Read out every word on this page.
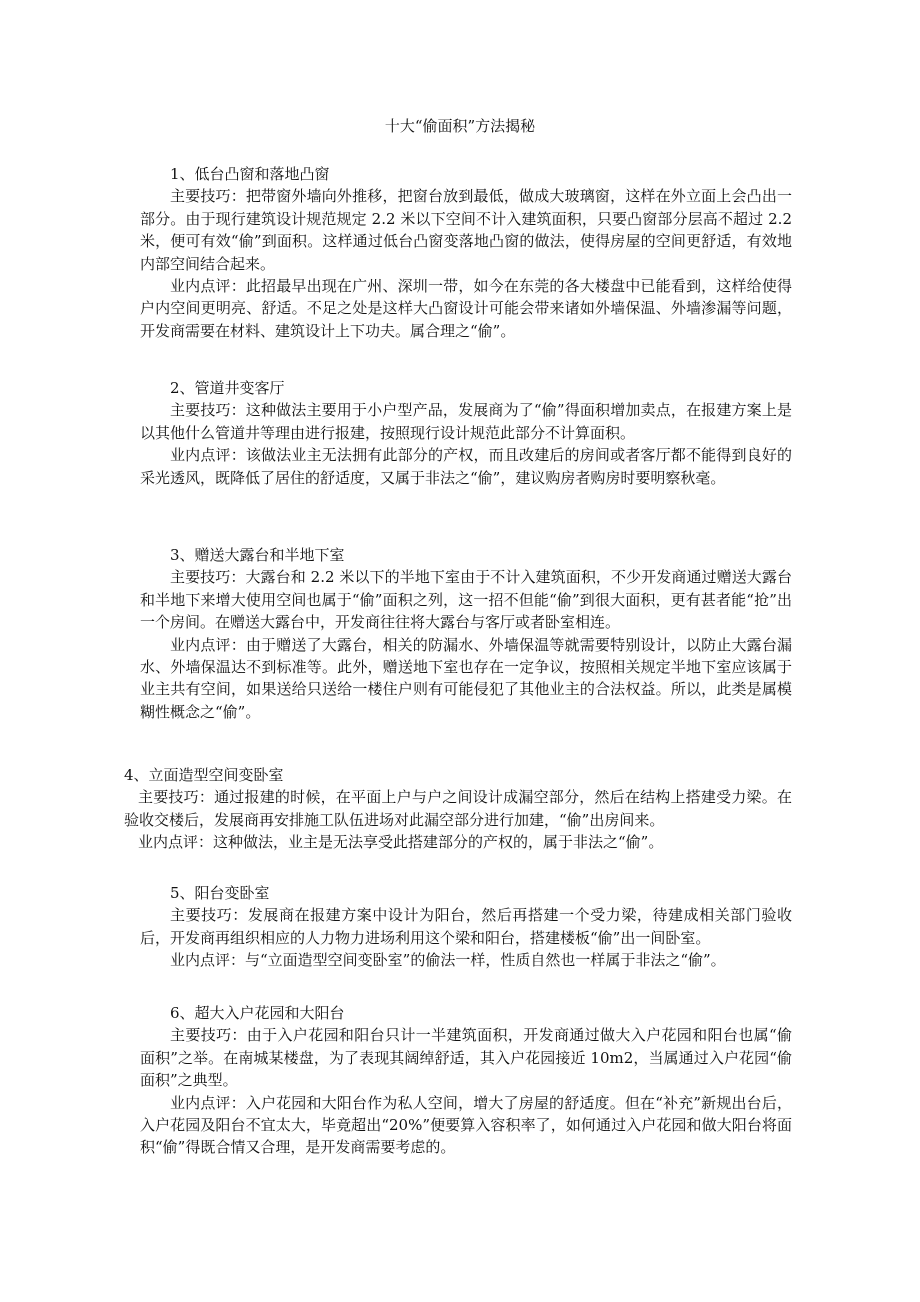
十大“偷面积”方法揭秘

1、低台凸窗和落地凸窗

主要技巧：把带窗外墙向外推移，把窗台放到最低，做成大玻璃窗，这样在外立面上会凸出一部分。由于现行建筑设计规范规定 2.2 米以下空间不计入建筑面积，只要凸窗部分层高不超过 2.2 米，便可有效“偷”到面积。这样通过低台凸窗变落地凸窗的做法，使得房屋的空间更舒适，有效地内部空间结合起来。

业内点评：此招最早出现在广州、深圳一带，如今在东莞的各大楼盘中已能看到，这样给使得户内空间更明亮、舒适。不足之处是这样大凸窗设计可能会带来诸如外墙保温、外墙渗漏等问题，开发商需要在材料、建筑设计上下功夫。属合理之“偷”。

2、管道井变客厅

主要技巧：这种做法主要用于小户型产品，发展商为了“偷”得面积增加卖点，在报建方案上是以其他什么管道井等理由进行报建，按照现行设计规范此部分不计算面积。

业内点评：该做法业主无法拥有此部分的产权，而且改建后的房间或者客厅都不能得到良好的采光透风，既降低了居住的舒适度，又属于非法之“偷”，建议购房者购房时要明察秋毫。

3、赠送大露台和半地下室

主要技巧：大露台和 2.2 米以下的半地下室由于不计入建筑面积，不少开发商通过赠送大露台和半地下来增大使用空间也属于“偷”面积之列，这一招不但能“偷”到很大面积，更有甚者能“抢”出一个房间。在赠送大露台中，开发商往往将大露台与客厅或者卧室相连。

业内点评：由于赠送了大露台，相关的防漏水、外墙保温等就需要特别设计，以防止大露台漏水、外墙保温达不到标准等。此外，赠送地下室也存在一定争议，按照相关规定半地下室应该属于业主共有空间，如果送给只送给一楼住户则有可能侵犯了其他业主的合法权益。所以，此类是属模糊性概念之“偷”。

4、立面造型空间变卧室

主要技巧：通过报建的时候，在平面上户与户之间设计成漏空部分，然后在结构上搭建受力梁。在验收交楼后，发展商再安排施工队伍进场对此漏空部分进行加建，“偷”出房间来。

业内点评：这种做法，业主是无法享受此搭建部分的产权的，属于非法之“偷”。

5、阳台变卧室

主要技巧：发展商在报建方案中设计为阳台，然后再搭建一个受力梁，待建成相关部门验收后，开发商再组织相应的人力物力进场利用这个梁和阳台，搭建楼板“偷”出一间卧室。

业内点评：与“立面造型空间变卧室”的偷法一样，性质自然也一样属于非法之“偷”。

6、超大入户花园和大阳台

主要技巧：由于入户花园和阳台只计一半建筑面积，开发商通过做大入户花园和阳台也属“偷面积”之举。在南城某楼盘，为了表现其阔绰舒适，其入户花园接近 10m2，当属通过入户花园“偷面积”之典型。

业内点评：入户花园和大阳台作为私人空间，增大了房屋的舒适度。但在“补充”新规出台后，入户花园及阳台不宜太大，毕竟超出“20%”便要算入容积率了，如何通过入户花园和做大阳台将面积“偷”得既合情又合理，是开发商需要考虑的。
